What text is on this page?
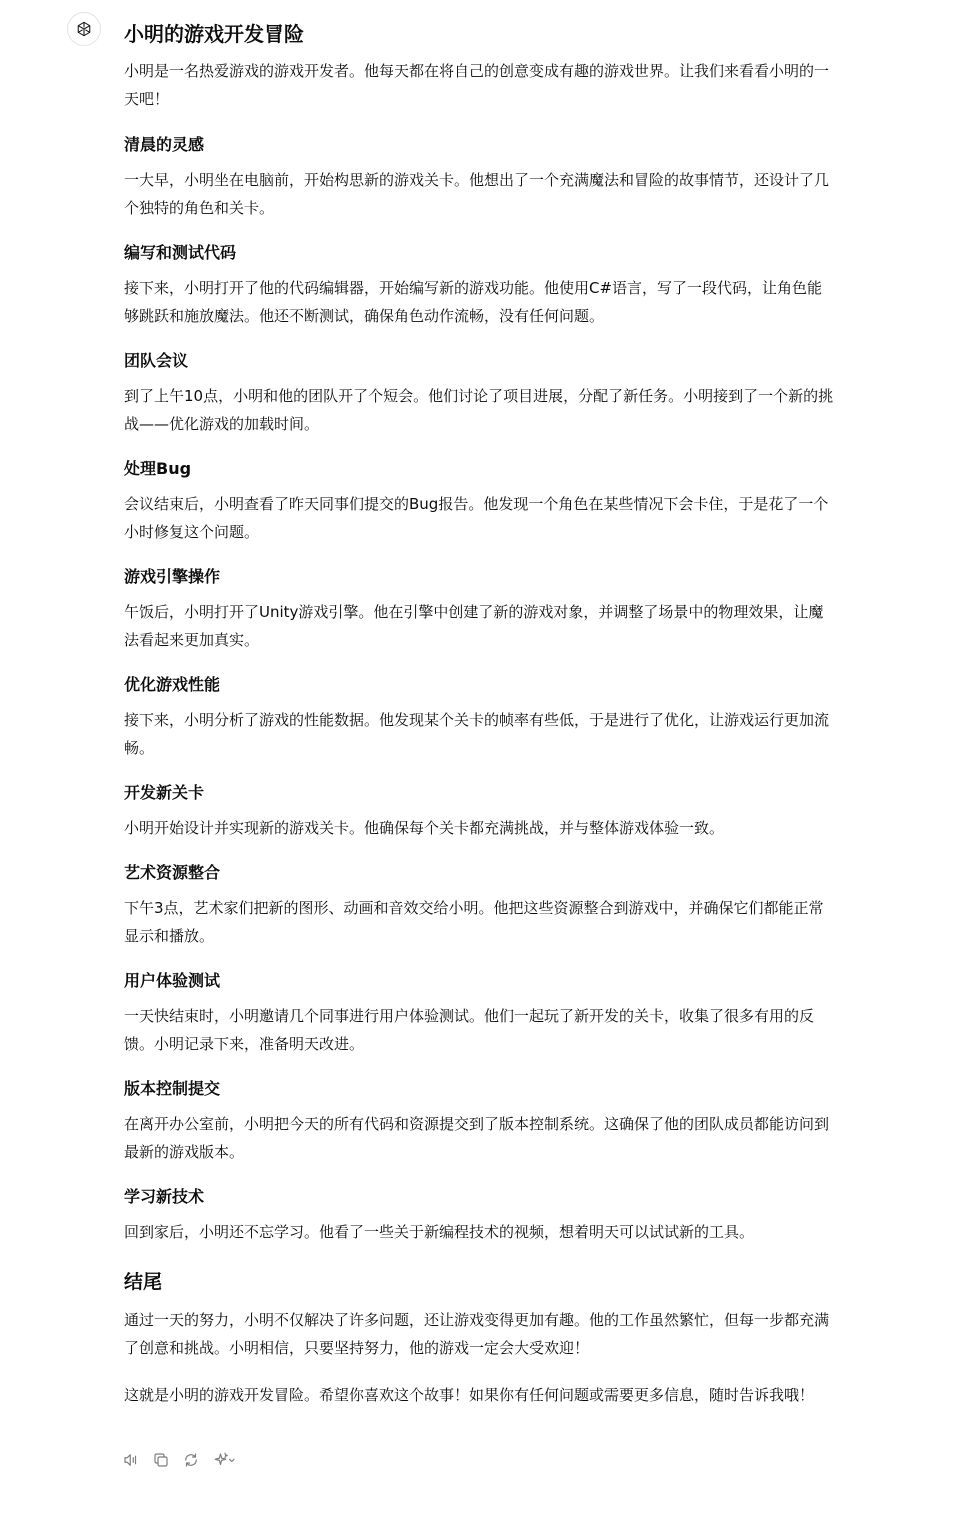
小明的游戏开发冒险

小明是一名热爱游戏的游戏开发者。他每天都在将自己的创意变成有趣的游戏世界。让我们来看看小明的一天吧！

清晨的灵感

一大早，小明坐在电脑前，开始构思新的游戏关卡。他想出了一个充满魔法和冒险的故事情节，还设计了几个独特的角色和关卡。

编写和测试代码

接下来，小明打开了他的代码编辑器，开始编写新的游戏功能。他使用C#语言，写了一段代码，让角色能够跳跃和施放魔法。他还不断测试，确保角色动作流畅，没有任何问题。

团队会议

到了上午10点，小明和他的团队开了个短会。他们讨论了项目进展，分配了新任务。小明接到了一个新的挑战——优化游戏的加载时间。

处理Bug

会议结束后，小明查看了昨天同事们提交的Bug报告。他发现一个角色在某些情况下会卡住，于是花了一个小时修复这个问题。

游戏引擎操作

午饭后，小明打开了Unity游戏引擎。他在引擎中创建了新的游戏对象，并调整了场景中的物理效果，让魔法看起来更加真实。

优化游戏性能

接下来，小明分析了游戏的性能数据。他发现某个关卡的帧率有些低，于是进行了优化，让游戏运行更加流畅。

开发新关卡

小明开始设计并实现新的游戏关卡。他确保每个关卡都充满挑战，并与整体游戏体验一致。

艺术资源整合

下午3点，艺术家们把新的图形、动画和音效交给小明。他把这些资源整合到游戏中，并确保它们都能正常显示和播放。

用户体验测试

一天快结束时，小明邀请几个同事进行用户体验测试。他们一起玩了新开发的关卡，收集了很多有用的反馈。小明记录下来，准备明天改进。

版本控制提交

在离开办公室前，小明把今天的所有代码和资源提交到了版本控制系统。这确保了他的团队成员都能访问到最新的游戏版本。

学习新技术

回到家后，小明还不忘学习。他看了一些关于新编程技术的视频，想着明天可以试试新的工具。

结尾

通过一天的努力，小明不仅解决了许多问题，还让游戏变得更加有趣。他的工作虽然繁忙，但每一步都充满了创意和挑战。小明相信，只要坚持努力，他的游戏一定会大受欢迎！

这就是小明的游戏开发冒险。希望你喜欢这个故事！如果你有任何问题或需要更多信息，随时告诉我哦！
